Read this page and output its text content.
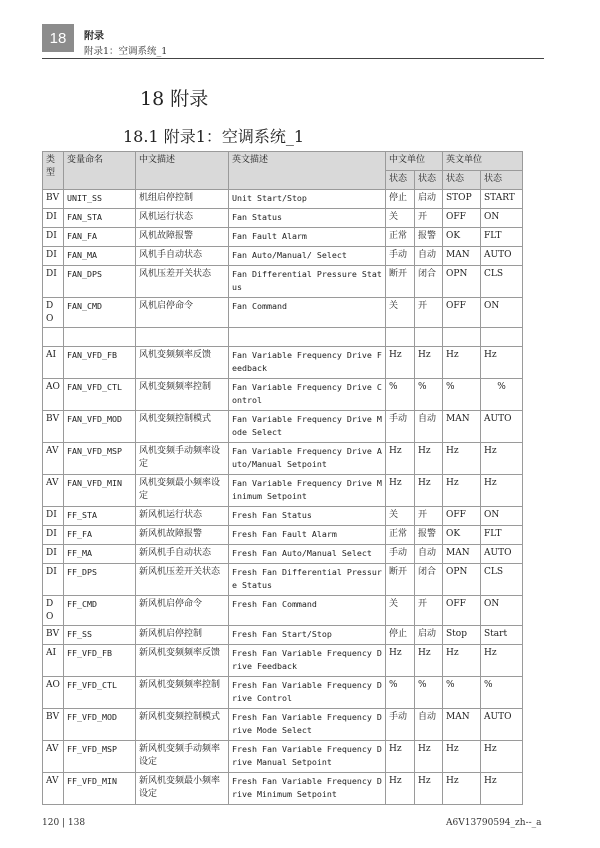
18	附录
附录1：空调系统_1
18 附录
18.1 附录1：空调系统_1
类型	变量命名	中文描述	英文描述	中文单位		英文单位	
				状态	状态	状态	状态
BV	UNIT_SS	机组启停控制	Unit Start/Stop	停止	启动	STOP	START
DI	FAN_STA	风机运行状态	Fan Status	关	开	OFF	ON
DI	FAN_FA	风机故障报警	Fan Fault Alarm	正常	报警	OK	FLT
DI	FAN_MA	风机手自动状态	Fan Auto/Manual/ Select	手动	自动	MAN	AUTO
DI	FAN_DPS	风机压差开关状态	Fan Differential Pressure Status	断开	闭合	OPN	CLS
DO	FAN_CMD	风机启停命令	Fan Command	关	开	OFF	ON

AI	FAN_VFD_FB	风机变频频率反馈	Fan Variable Frequency Drive Feedback	Hz	Hz	Hz	Hz
AO	FAN_VFD_CTL	风机变频频率控制	Fan Variable Frequency Drive Control	%	%	%	%
BV	FAN_VFD_MOD	风机变频控制模式	Fan Variable Frequency Drive Mode Select	手动	自动	MAN	AUTO
AV	FAN_VFD_MSP	风机变频手动频率设定	Fan Variable Frequency Drive Auto/Manual Setpoint	Hz	Hz	Hz	Hz
AV	FAN_VFD_MIN	风机变频最小频率设定	Fan Variable Frequency Drive Minimum Setpoint	Hz	Hz	Hz	Hz
DI	FF_STA	新风机运行状态	Fresh Fan Status	关	开	OFF	ON
DI	FF_FA	新风机故障报警	Fresh Fan Fault Alarm	正常	报警	OK	FLT
DI	FF_MA	新风机手自动状态	Fresh Fan Auto/Manual Select	手动	自动	MAN	AUTO
DI	FF_DPS	新风机压差开关状态	Fresh Fan Differential Pressure Status	断开	闭合	OPN	CLS
DO	FF_CMD	新风机启停命令	Fresh Fan Command	关	开	OFF	ON
BV	FF_SS	新风机启停控制	Fresh Fan Start/Stop	停止	启动	Stop	Start
AI	FF_VFD_FB	新风机变频频率反馈	Fresh Fan Variable Frequency Drive Feedback	Hz	Hz	Hz	Hz
AO	FF_VFD_CTL	新风机变频频率控制	Fresh Fan Variable Frequency Drive Control	%	%	%	%
BV	FF_VFD_MOD	新风机变频控制模式	Fresh Fan Variable Frequency Drive Mode Select	手动	自动	MAN	AUTO
AV	FF_VFD_MSP	新风机变频手动频率设定	Fresh Fan Variable Frequency Drive Manual Setpoint	Hz	Hz	Hz	Hz
AV	FF_VFD_MIN	新风机变频最小频率设定	Fresh Fan Variable Frequency Drive Minimum Setpoint	Hz	Hz	Hz	Hz
120 | 138	A6V13790594_zh--_a
